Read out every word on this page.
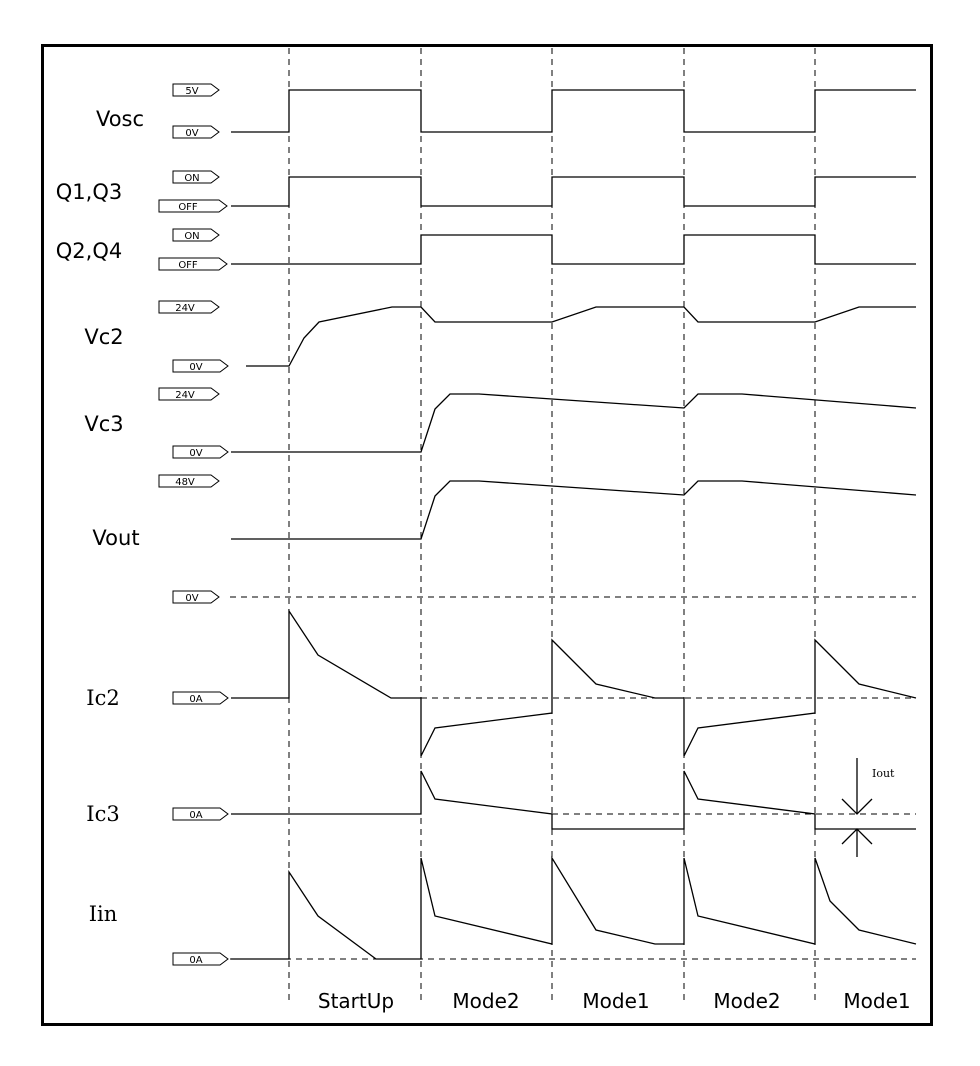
Iout
5V
0V
ON
OFF
ON
OFF
24V
0V
24V
0V
48V
0V
0A
0A
0A
Vosc
Q1,Q3
Q2,Q4
Vc2
Vc3
Vout
Ic2
Ic3
Iin
StartUp	Mode2	Mode1	Mode2	Mode1
